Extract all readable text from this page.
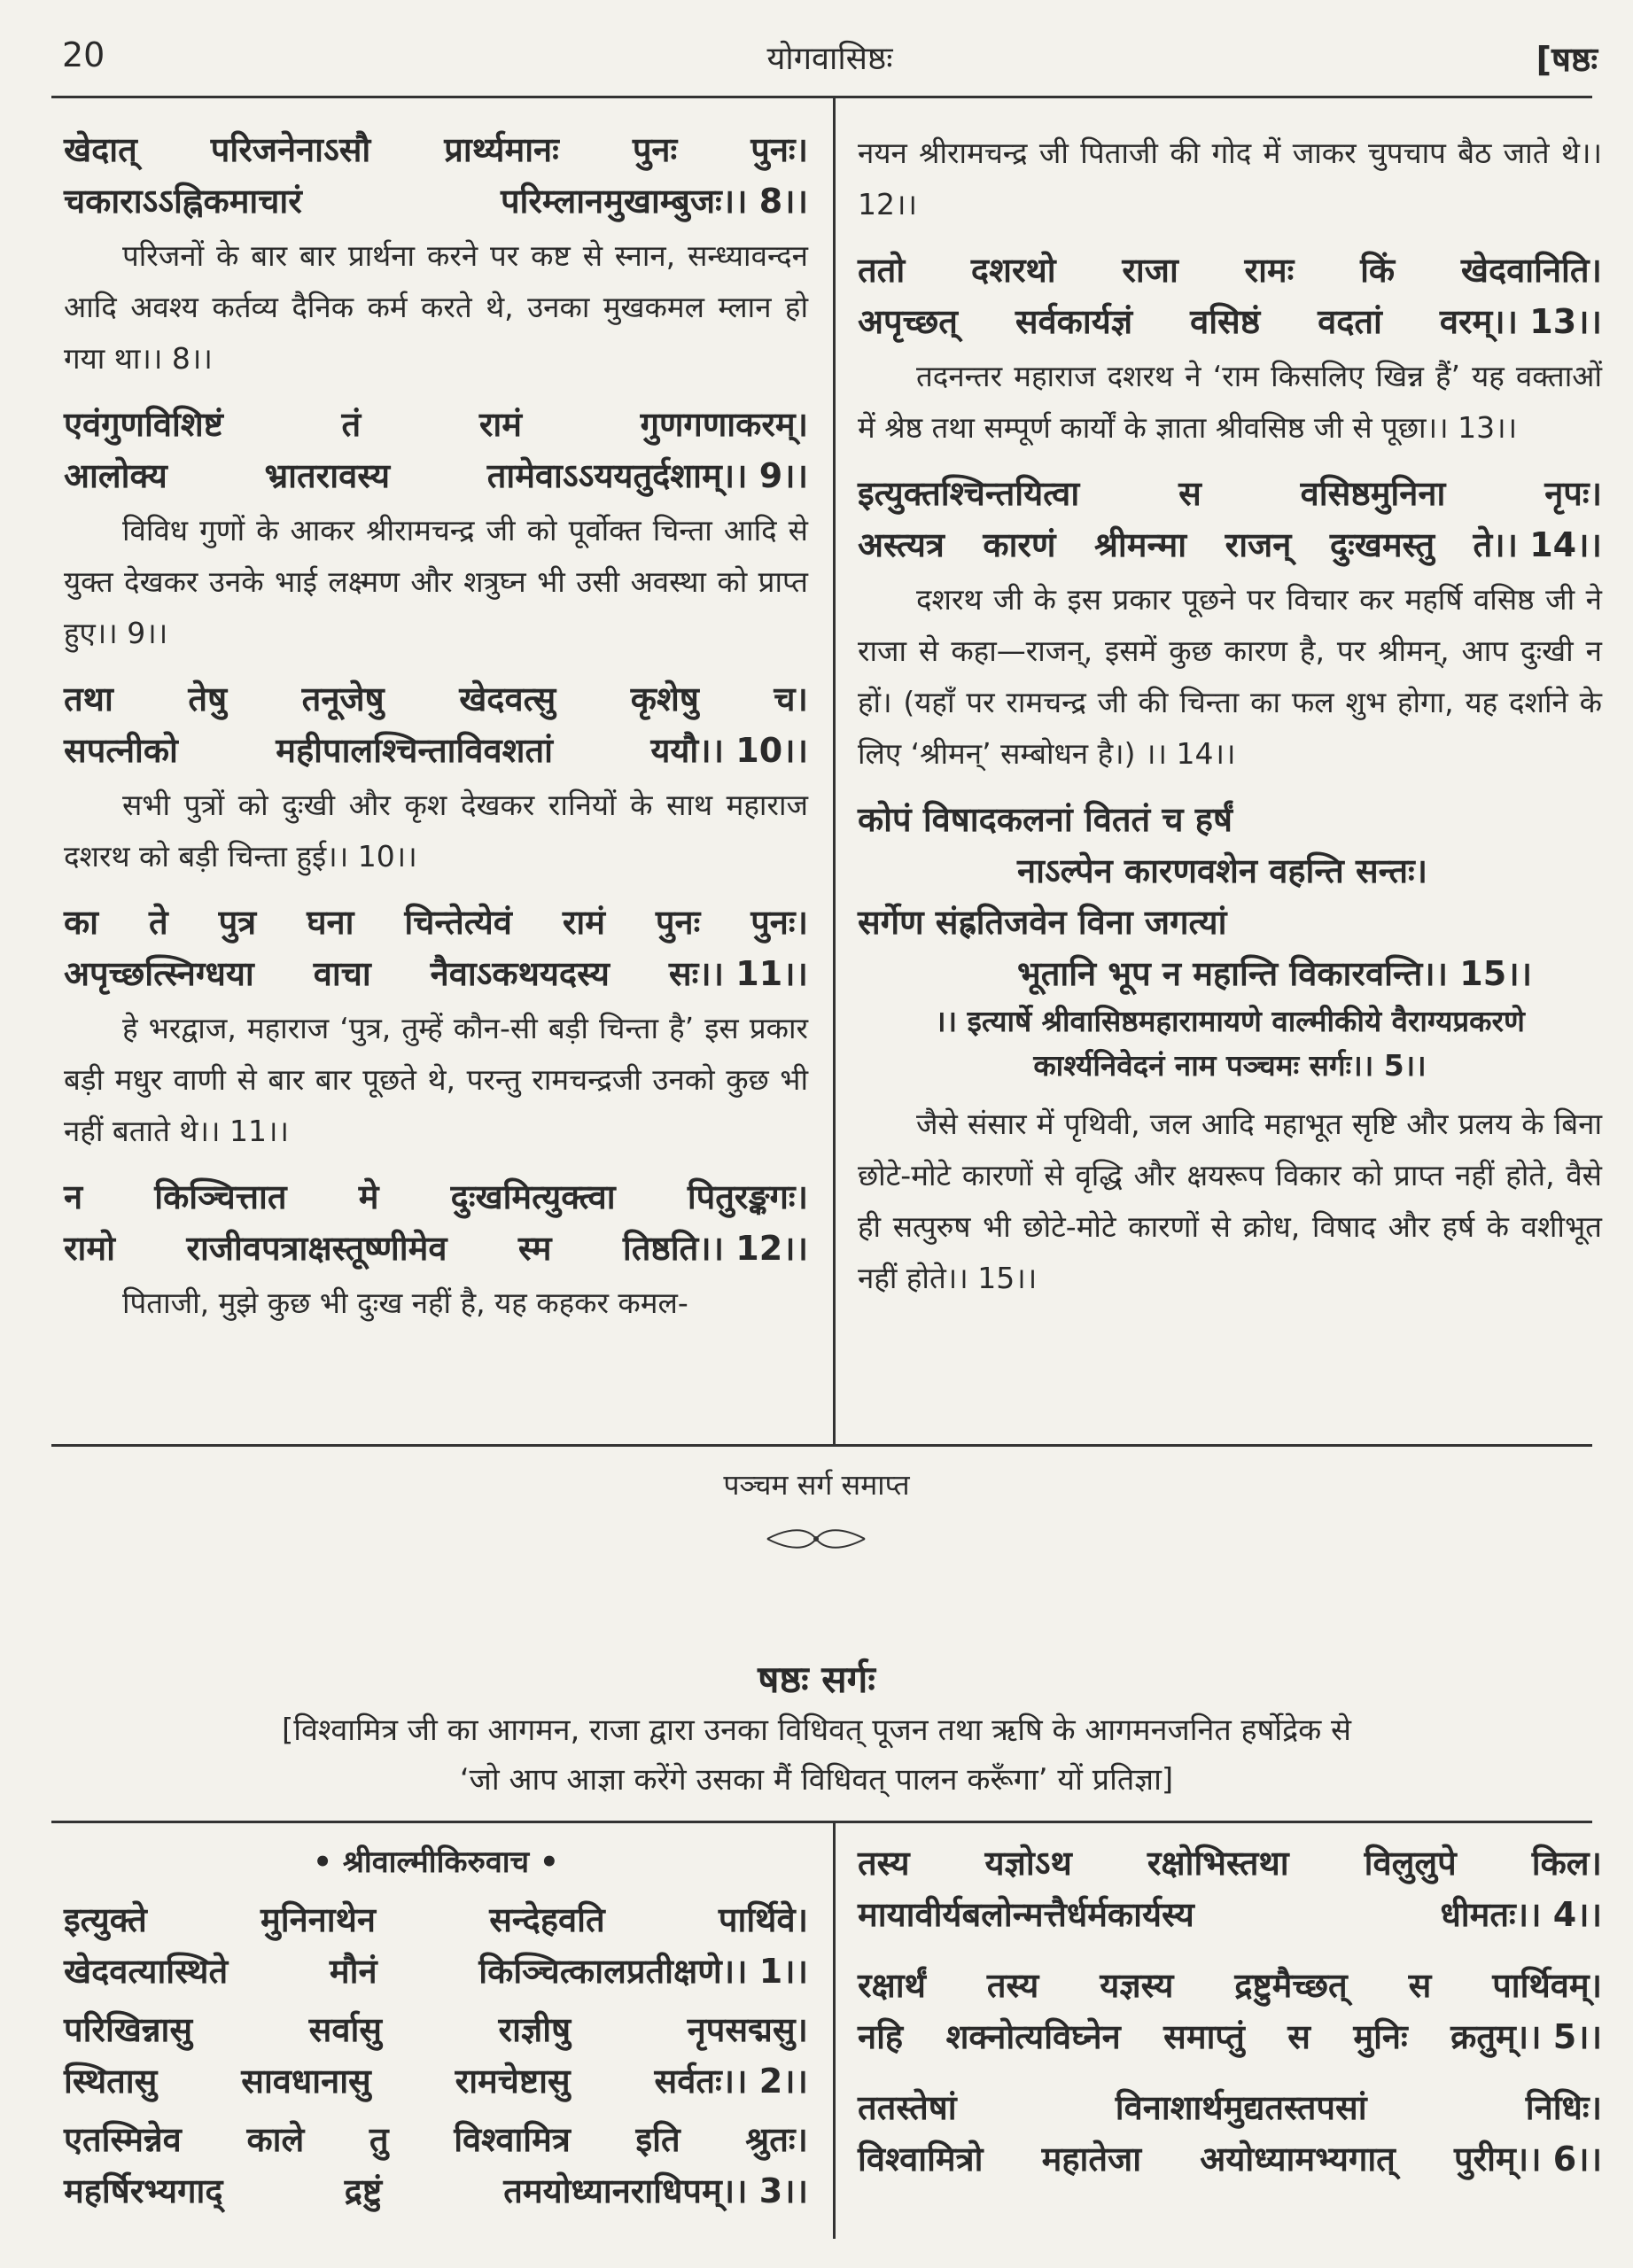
20	योगवासिष्ठः	[षष्ठः
खेदात् परिजनेनाऽसौ प्रार्थ्यमानः पुनः पुनः।
चकाराऽऽह्निकमाचारं	परिम्लानमुखाम्बुजः।। 8।।
परिजनों के बार बार प्रार्थना करने पर कष्ट से स्नान, सन्ध्यावन्दन आदि अवश्य कर्तव्य दैनिक कर्म करते थे, उनका मुखकमल म्लान हो गया था।। 8।।
एवंगुणविशिष्टं	तं	रामं	गुणगणाकरम्।
आलोक्य	भ्रातरावस्य	तामेवाऽऽययतुर्दशाम्।। 9।।
विविध गुणों के आकर श्रीरामचन्द्र जी को पूर्वोक्त चिन्ता आदि से युक्त देखकर उनके भाई लक्ष्मण और शत्रुघ्न भी उसी अवस्था को प्राप्त हुए।। 9।।
तथा तेषु तनूजेषु खेदवत्सु कृशेषु च।
सपत्नीको	महीपालश्चिन्ताविवशतां	ययौ।। 10।।
सभी पुत्रों को दुःखी और कृश देखकर रानियों के साथ महाराज दशरथ को बड़ी चिन्ता हुई।। 10।।
का ते पुत्र घना चिन्तेत्येवं रामं पुनः पुनः।
अपृच्छत्स्निग्धया वाचा नैवाऽकथयदस्य सः।। 11।।
हे भरद्वाज, महाराज ‘पुत्र, तुम्हें कौन-सी बड़ी चिन्ता है’ इस प्रकार बड़ी मधुर वाणी से बार बार पूछते थे, परन्तु रामचन्द्रजी उनको कुछ भी नहीं बताते थे।। 11।।
न किञ्चित्तात मे दुःखमित्युक्त्वा पितुरङ्कगः।
रामो राजीवपत्राक्षस्तूष्णीमेव स्म तिष्ठति।। 12।।
पिताजी, मुझे कुछ भी दुःख नहीं है, यह कहकर कमल-
नयन श्रीरामचन्द्र जी पिताजी की गोद में जाकर चुपचाप बैठ जाते थे।। 12।।
ततो दशरथो राजा रामः किं खेदवानिति।
अपृच्छत् सर्वकार्यज्ञं वसिष्ठं वदतां वरम्।। 13।।
तदनन्तर महाराज दशरथ ने ‘राम किसलिए खिन्न हैं’ यह वक्ताओं में श्रेष्ठ तथा सम्पूर्ण कार्यों के ज्ञाता श्रीवसिष्ठ जी से पूछा।। 13।।
इत्युक्तश्चिन्तयित्वा	स	वसिष्ठमुनिना	नृपः।
अस्त्यत्र कारणं श्रीमन्मा राजन् दुःखमस्तु ते।। 14।।
दशरथ जी के इस प्रकार पूछने पर विचार कर महर्षि वसिष्ठ जी ने राजा से कहा—राजन्, इसमें कुछ कारण है, पर श्रीमन्, आप दुःखी न हों। (यहाँ पर रामचन्द्र जी की चिन्ता का फल शुभ होगा, यह दर्शाने के लिए ‘श्रीमन्’ सम्बोधन है।) ।। 14।।
कोपं विषादकलनां विततं च हर्षं
नाऽल्पेन कारणवशेन वहन्ति सन्तः।
सर्गेण संह्रतिजवेन विना जगत्यां
भूतानि भूप न महान्ति विकारवन्ति।। 15।।
।। इत्यार्षे श्रीवासिष्ठमहारामायणे वाल्मीकीये वैराग्यप्रकरणे
कार्श्यनिवेदनं नाम पञ्चमः सर्गः।। 5।।
जैसे संसार में पृथिवी, जल आदि महाभूत सृष्टि और प्रलय के बिना छोटे-मोटे कारणों से वृद्धि और क्षयरूप विकार को प्राप्त नहीं होते, वैसे ही सत्पुरुष भी छोटे-मोटे कारणों से क्रोध, विषाद और हर्ष के वशीभूत नहीं होते।। 15।।
पञ्चम सर्ग समाप्त
षष्ठः सर्गः
[विश्वामित्र जी का आगमन, राजा द्वारा उनका विधिवत् पूजन तथा ऋषि के आगमनजनित हर्षोद्रेक से
‘जो आप आज्ञा करेंगे उसका मैं विधिवत् पालन करूँगा’ यों प्रतिज्ञा]
• श्रीवाल्मीकिरुवाच •
इत्युक्ते	मुनिनाथेन	सन्देहवति	पार्थिवे।
खेदवत्यास्थिते	मौनं	किञ्चित्कालप्रतीक्षणे।। 1।।
परिखिन्नासु	सर्वासु	राज्ञीषु	नृपसद्मसु।
स्थितासु सावधानासु रामचेष्टासु सर्वतः।। 2।।
एतस्मिन्नेव काले तु विश्वामित्र इति श्रुतः।
महर्षिरभ्यगाद्	द्रष्टुं	तमयोध्यानराधिपम्।। 3।।
तस्य यज्ञोऽथ रक्षोभिस्तथा विलुलुपे किल।
मायावीर्यबलोन्मत्तैर्धर्मकार्यस्य	धीमतः।। 4।।
रक्षार्थं तस्य यज्ञस्य द्रष्टुमैच्छत् स पार्थिवम्।
नहि शक्नोत्यविघ्नेन समाप्तुं स मुनिः क्रतुम्।। 5।।
ततस्तेषां	विनाशार्थमुद्यतस्तपसां	निधिः।
विश्वामित्रो महातेजा अयोध्यामभ्यगात् पुरीम्।। 6।।
